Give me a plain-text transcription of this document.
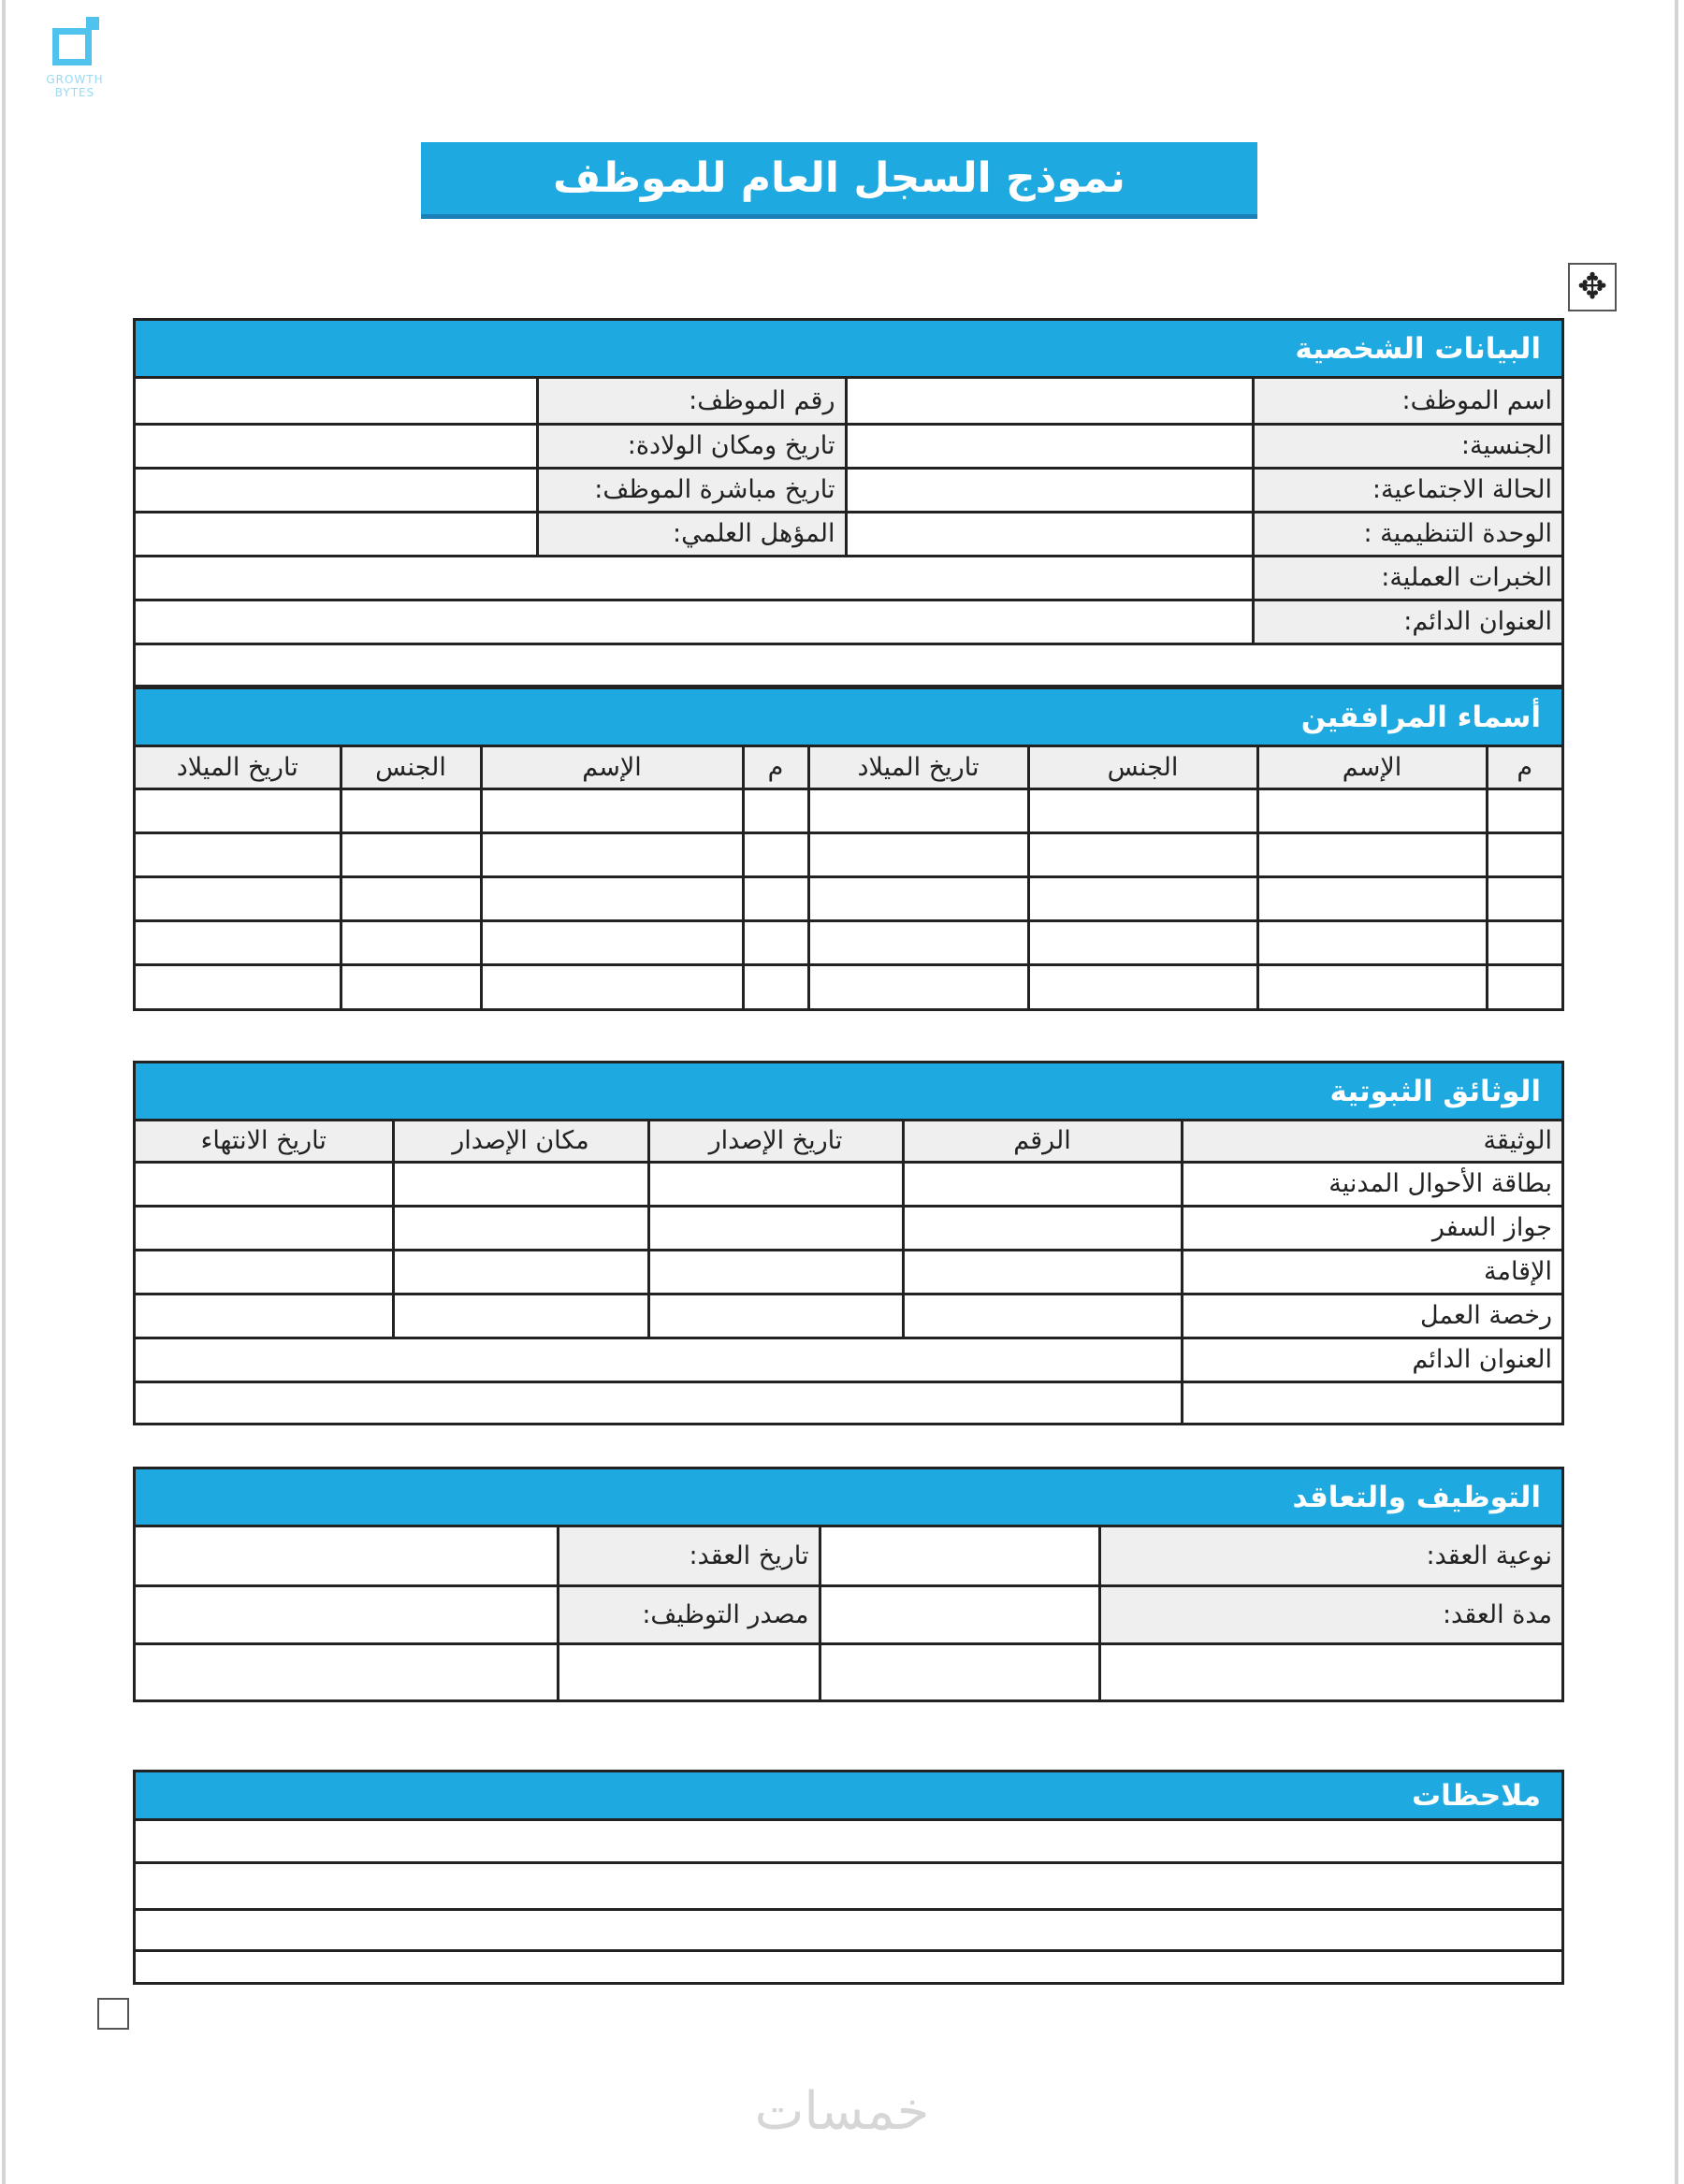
GROWTH BYTES
نموذج السجل العام للموظف
✥
البيانات الشخصية
اسم الموظف:		رقم الموظف:	
الجنسية:		تاريخ ومكان الولادة:	
الحالة الاجتماعية:		تاريخ مباشرة الموظف:	
الوحدة التنظيمية :		المؤهل العلمي:	
الخبرات العملية:			
العنوان الدائم:			

أسماء المرافقين
م	الإسم	الجنس	تاريخ الميلاد	م	الإسم	الجنس	تاريخ الميلاد

الوثائق الثبوتية
الوثيقة	الرقم	تاريخ الإصدار	مكان الإصدار	تاريخ الانتهاء
بطاقة الأحوال المدنية				
جواز السفر				
الإقامة				
رخصة العمل				
العنوان الدائم				

التوظيف والتعاقد
نوعية العقد:		تاريخ العقد:	
مدة العقد:		مصدر التوظيف:	

ملاحظات

خمسات
